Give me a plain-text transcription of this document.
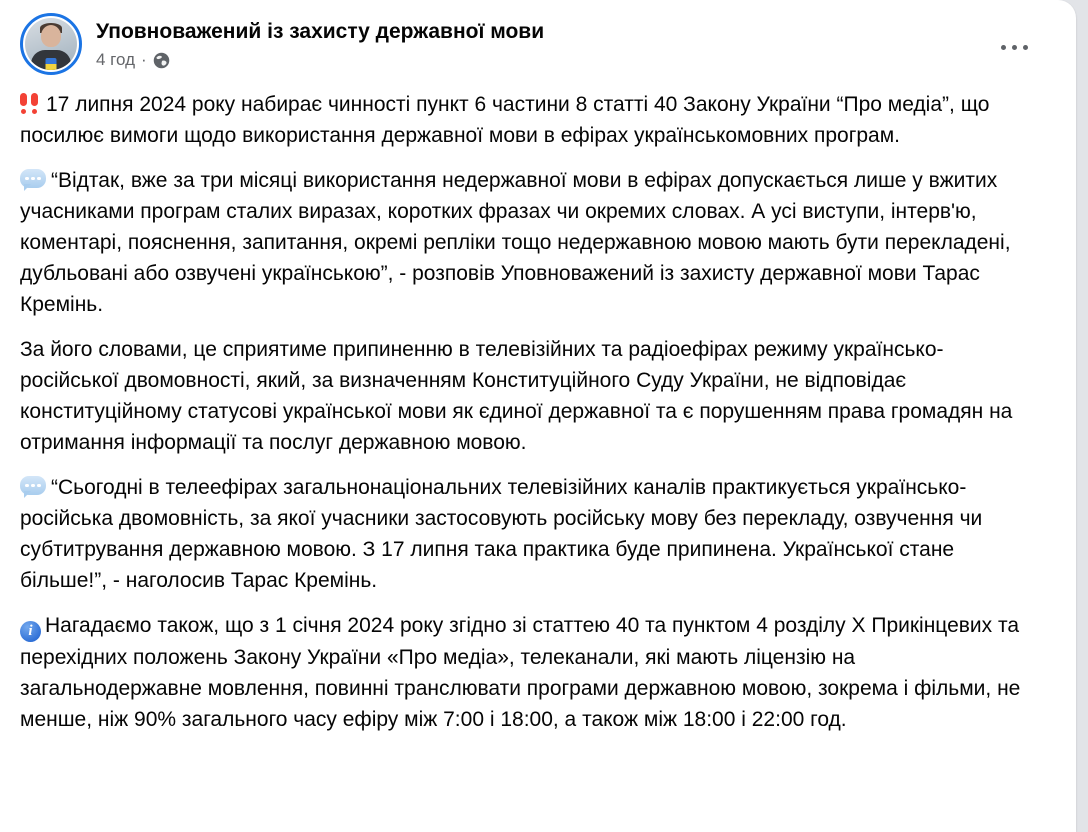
Уповноважений із захисту державної мови
4 год ·

17 липня 2024 року набирає чинності пункт 6 частини 8 статті 40 Закону України “Про медіа”, що посилює вимоги щодо використання державної мови в ефірах українськомовних програм.

“Відтак, вже за три місяці використання недержавної мови в ефірах допускається лише у вжитих учасниками програм сталих виразах, коротких фразах чи окремих словах. А усі виступи, інтерв'ю, коментарі, пояснення, запитання, окремі репліки тощо недержавною мовою мають бути перекладені, дубльовані або озвучені українською”, - розповів Уповноважений із захисту державної мови Тарас Кремінь.

За його словами, це сприятиме припиненню в телевізійних та радіоефірах режиму українсько-російської двомовності, який, за визначенням Конституційного Суду України, не відповідає конституційному статусові української мови як єдиної державної та є порушенням права громадян на отримання інформації та послуг державною мовою.

“Сьогодні в телеефірах загальнонаціональних телевізійних каналів практикується українсько-російська двомовність, за якої учасники застосовують російську мову без перекладу, озвучення чи субтитрування державною мовою. З 17 липня така практика буде припинена. Української стане більше!”, - наголосив Тарас Кремінь.

i Нагадаємо також, що з 1 січня 2024 року згідно зі статтею 40 та пунктом 4 розділу Х Прикінцевих та перехідних положень Закону України «Про медіа», телеканали, які мають ліцензію на загальнодержавне мовлення, повинні транслювати програми державною мовою, зокрема і фільми, не менше, ніж 90% загального часу ефіру між 7:00 і 18:00, а також між 18:00 і 22:00 год.
